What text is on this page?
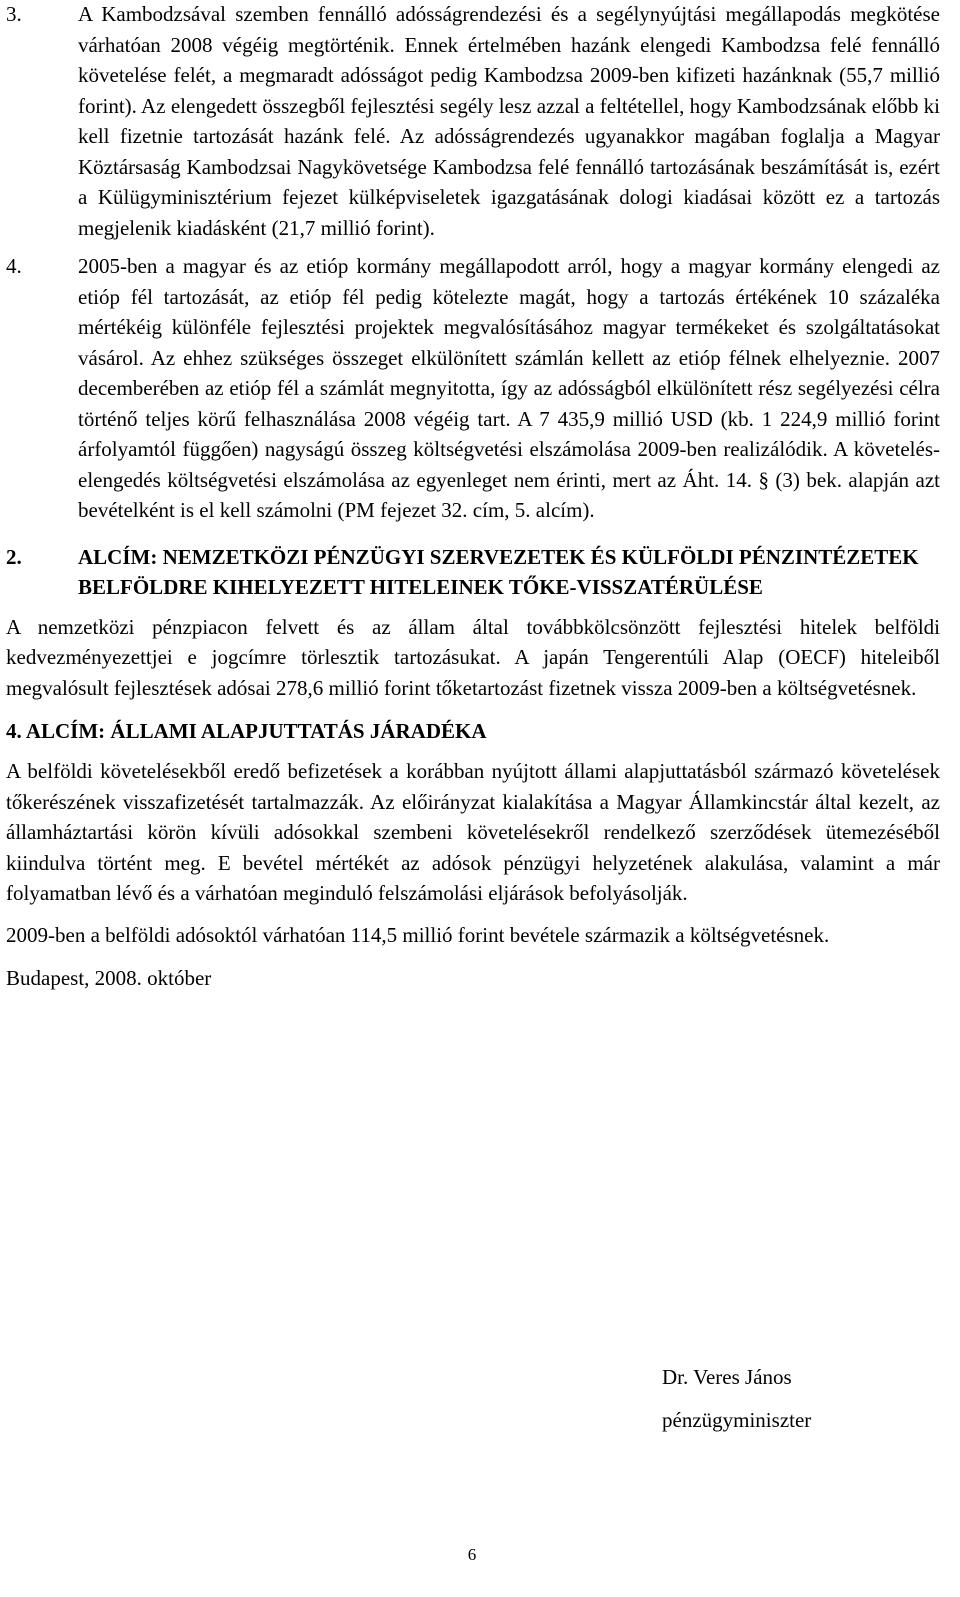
3.	A Kambodzsával szemben fennálló adósságrendezési és a segélynyújtási megállapodás megkötése várhatóan 2008 végéig megtörténik. Ennek értelmében hazánk elengedi Kambodzsa felé fennálló követelése felét, a megmaradt adósságot pedig Kambodzsa 2009-ben kifizeti hazánknak (55,7 millió forint). Az elengedett összegből fejlesztési segély lesz azzal a feltétellel, hogy Kambodzsának előbb ki kell fizetnie tartozását hazánk felé. Az adósságrendezés ugyanakkor magában foglalja a Magyar Köztársaság Kambodzsai Nagykövetsége Kambodzsa felé fennálló tartozásának beszámítását is, ezért a Külügyminisztérium fejezet külképviseletek igazgatásának dologi kiadásai között ez a tartozás megjelenik kiadásként (21,7 millió forint).
4.	2005-ben a magyar és az etióp kormány megállapodott arról, hogy a magyar kormány elengedi az etióp fél tartozását, az etióp fél pedig kötelezte magát, hogy a tartozás értékének 10 százaléka mértékéig különféle fejlesztési projektek megvalósításához magyar termékeket és szolgáltatásokat vásárol. Az ehhez szükséges összeget elkülönített számlán kellett az etióp félnek elhelyeznie. 2007 decemberében az etióp fél a számlát megnyitotta, így az adósságból elkülönített rész segélyezési célra történő teljes körű felhasználása 2008 végéig tart. A 7 435,9 millió USD (kb. 1 224,9 millió forint árfolyamtól függően) nagyságú összeg költségvetési elszámolása 2009-ben realizálódik. A követelés-elengedés költségvetési elszámolása az egyenleget nem érinti, mert az Áht. 14. § (3) bek. alapján azt bevételként is el kell számolni (PM fejezet 32. cím, 5. alcím).
2.	ALCÍM: NEMZETKÖZI PÉNZÜGYI SZERVEZETEK ÉS KÜLFÖLDI PÉNZINTÉZETEK BELFÖLDRE KIHELYEZETT HITELEINEK TŐKE-VISSZATÉRÜLÉSE

A nemzetközi pénzpiacon felvett és az állam által továbbkölcsönzött fejlesztési hitelek belföldi kedvezményezettjei e jogcímre törlesztik tartozásukat. A japán Tengerentúli Alap (OECF) hiteleiből megvalósult fejlesztések adósai 278,6 millió forint tőketartozást fizetnek vissza 2009-ben a költségvetésnek.

4. ALCÍM: ÁLLAMI ALAPJUTTATÁS JÁRADÉKA

A belföldi követelésekből eredő befizetések a korábban nyújtott állami alapjuttatásból származó követelések tőkerészének visszafizetését tartalmazzák. Az előirányzat kialakítása a Magyar Államkincstár által kezelt, az államháztartási körön kívüli adósokkal szembeni követelésekről rendelkező szerződések ütemezéséből kiindulva történt meg. E bevétel mértékét az adósok pénzügyi helyzetének alakulása, valamint a már folyamatban lévő és a várhatóan meginduló felszámolási eljárások befolyásolják.

2009-ben a belföldi adósoktól várhatóan 114,5 millió forint bevétele származik a költségvetésnek.

Budapest, 2008. október
Dr. Veres János
pénzügyminiszter
6
